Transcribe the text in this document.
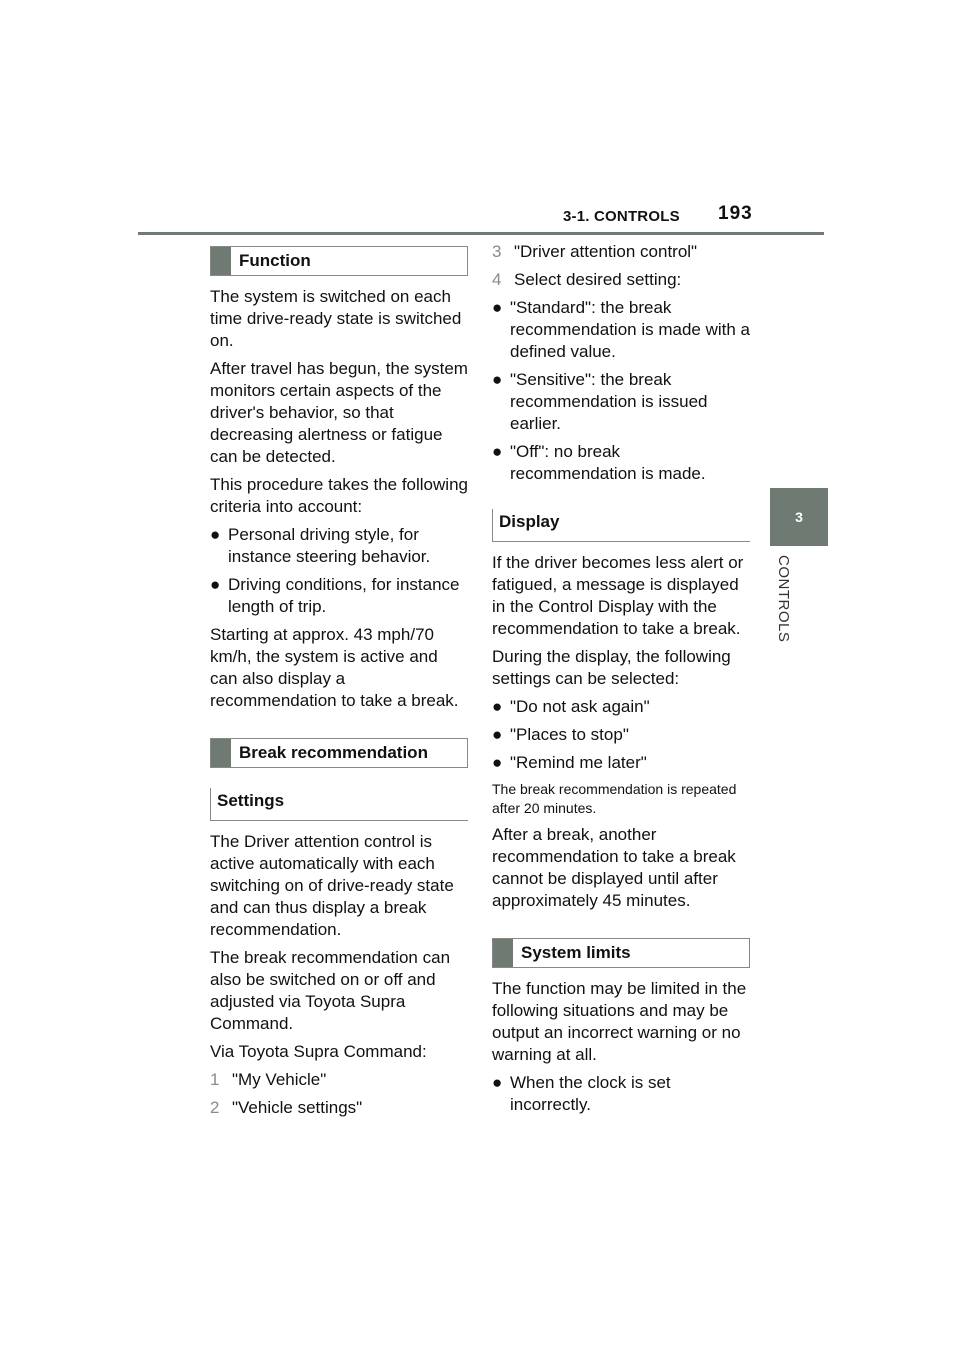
3-1. CONTROLS 193
3
CONTROLS
Function

The system is switched on each time drive-ready state is switched on.

After travel has begun, the system monitors certain aspects of the driver's behavior, so that decreasing alertness or fatigue can be detected.

This procedure takes the following criteria into account:

● Personal driving style, for instance steering behavior.

● Driving conditions, for instance length of trip.

Starting at approx. 43 mph/70 km/h, the system is active and can also display a recommendation to take a break.

Break recommendation
Settings

The Driver attention control is active automatically with each switching on of drive-ready state and can thus display a break recommendation.

The break recommendation can also be switched on or off and adjusted via Toyota Supra Command.

Via Toyota Supra Command:

1 "My Vehicle"

2 "Vehicle settings"

3 "Driver attention control"

4 Select desired setting:

● "Standard": the break recommendation is made with a defined value.

● "Sensitive": the break recommendation is issued earlier.

● "Off": no break recommendation is made.

Display

If the driver becomes less alert or fatigued, a message is displayed in the Control Display with the recommendation to take a break.

During the display, the following settings can be selected:

● "Do not ask again"

● "Places to stop"

● "Remind me later"

The break recommendation is repeated after 20 minutes.

After a break, another recommendation to take a break cannot be displayed until after approximately 45 minutes.

System limits

The function may be limited in the following situations and may be output an incorrect warning or no warning at all.

● When the clock is set incorrectly.
